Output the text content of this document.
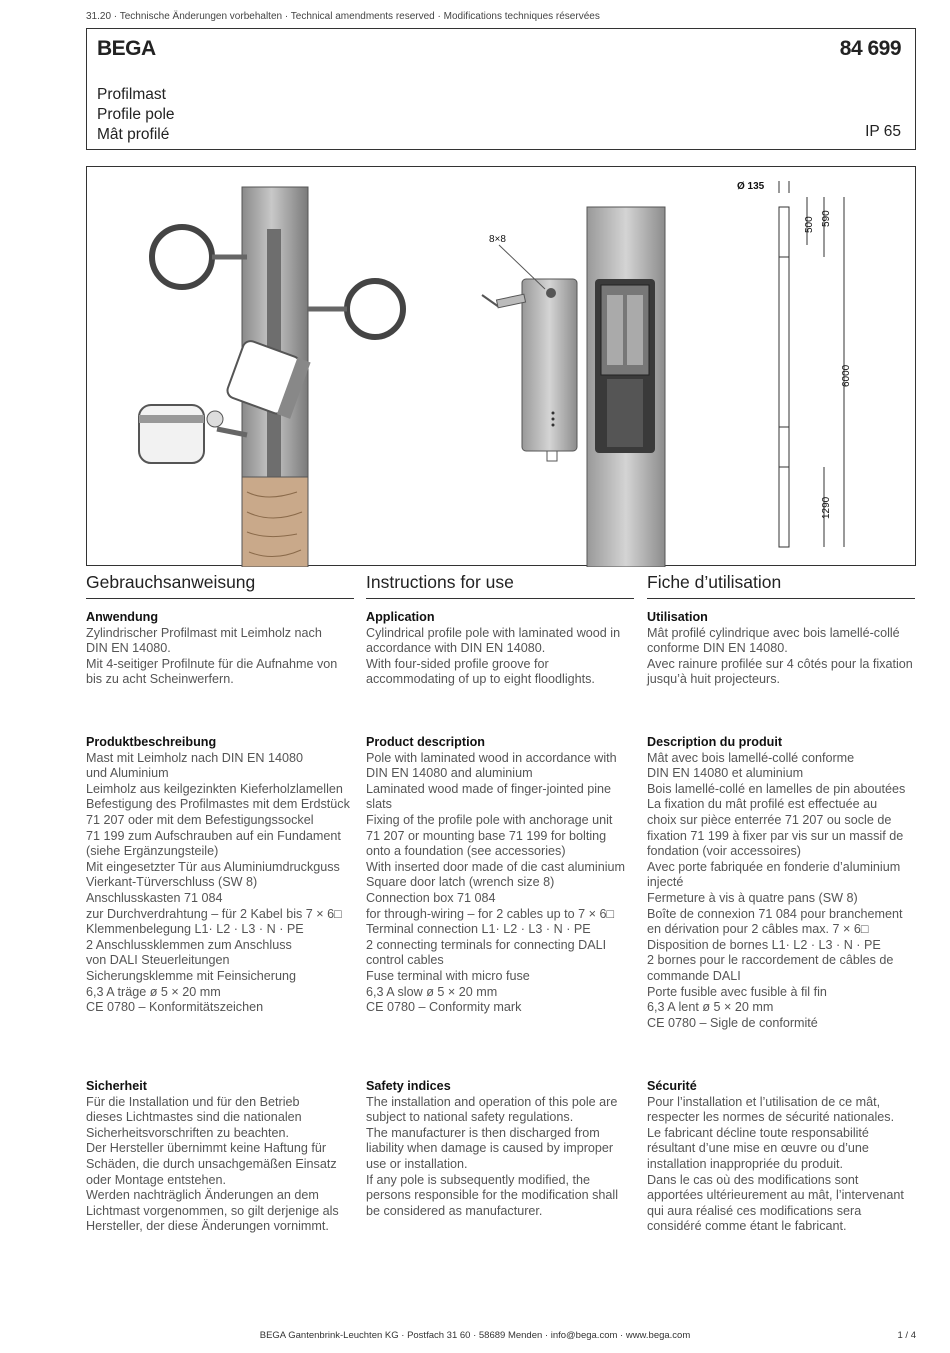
31.20 · Technische Änderungen vorbehalten · Technical amendments reserved · Modifications techniques réservées
BEGA	84 699
Profilmast
Profile pole
Mât profilé	IP 65
8×8
Ø 135
500 590
6000
1290
Gebrauchsanweisung
Anwendung
Zylindrischer Profilmast mit Leimholz nach
DIN EN 14080.
Mit 4-seitiger Profilnute für die Aufnahme von
bis zu acht Scheinwerfern.
Produktbeschreibung
Mast mit Leimholz nach DIN EN 14080
und Aluminium
Leimholz aus keilgezinkten Kieferholzlamellen
Befestigung des Profilmastes mit dem Erdstück
71 207 oder mit dem Befestigungssockel
71 199 zum Aufschrauben auf ein Fundament
(siehe Ergänzungsteile)
Mit eingesetzter Tür aus Aluminiumdruckguss
Vierkant-Türverschluss (SW 8)
Anschlusskasten 71 084
zur Durchverdrahtung – für 2 Kabel bis 7 × 6□
Klemmenbelegung L1· L2 · L3 · N · PE
2 Anschlussklemmen zum Anschluss
von DALI Steuerleitungen
Sicherungsklemme mit Feinsicherung
6,3 A träge ø 5 × 20 mm
CE 0780 – Konformitätszeichen
Sicherheit
Für die Installation und für den Betrieb
dieses Lichtmastes sind die nationalen
Sicherheitsvorschriften zu beachten.
Der Hersteller übernimmt keine Haftung für
Schäden, die durch unsachgemäßen Einsatz
oder Montage entstehen.
Werden nachträglich Änderungen an dem
Lichtmast vorgenommen, so gilt derjenige als
Hersteller, der diese Änderungen vornimmt.
Instructions for use
Application
Cylindrical profile pole with laminated wood in
accordance with DIN EN 14080.
With four-sided profile groove for
accommodating of up to eight floodlights.
Product description
Pole with laminated wood in accordance with
DIN EN 14080 and aluminium
Laminated wood made of finger-jointed pine
slats
Fixing of the profile pole with anchorage unit
71 207 or mounting base 71 199 for bolting
onto a foundation (see accessories)
With inserted door made of die cast aluminium
Square door latch (wrench size 8)
Connection box 71 084
for through-wiring – for 2 cables up to 7 × 6□
Terminal connection L1· L2 · L3 · N · PE
2 connecting terminals for connecting DALI
control cables
Fuse terminal with micro fuse
6,3 A slow ø 5 × 20 mm
CE 0780 – Conformity mark
Safety indices
The installation and operation of this pole are
subject to national safety regulations.
The manufacturer is then discharged from
liability when damage is caused by improper
use or installation.
If any pole is subsequently modified, the
persons responsible for the modification shall
be considered as manufacturer.
Fiche d’utilisation
Utilisation
Mât profilé cylindrique avec bois lamellé-collé
conforme DIN EN 14080.
Avec rainure profilée sur 4 côtés pour la fixation
jusqu’à huit projecteurs.
Description du produit
Mât avec bois lamellé-collé conforme
DIN EN 14080 et aluminium
Bois lamellé-collé en lamelles de pin aboutées
La fixation du mât profilé est effectuée au
choix sur pièce enterrée 71 207 ou socle de
fixation 71 199 à fixer par vis sur un massif de
fondation (voir accessoires)
Avec porte fabriquée en fonderie d’aluminium
injecté
Fermeture à vis à quatre pans (SW 8)
Boîte de connexion 71 084 pour branchement
en dérivation pour 2 câbles max. 7 × 6□
Disposition de bornes L1· L2 · L3 · N · PE
2 bornes pour le raccordement de câbles de
commande DALI
Porte fusible avec fusible à fil fin
6,3 A lent ø 5 × 20 mm
CE 0780 – Sigle de conformité
Sécurité
Pour l’installation et l’utilisation de ce mât,
respecter les normes de sécurité nationales.
Le fabricant décline toute responsabilité
résultant d’une mise en œuvre ou d’une
installation inappropriée du produit.
Dans le cas où des modifications sont
apportées ultérieurement au mât, l’intervenant
qui aura réalisé ces modifications sera
considéré comme étant le fabricant.
BEGA Gantenbrink-Leuchten KG · Postfach 31 60 · 58689 Menden · info@bega.com · www.bega.com	1 / 4
